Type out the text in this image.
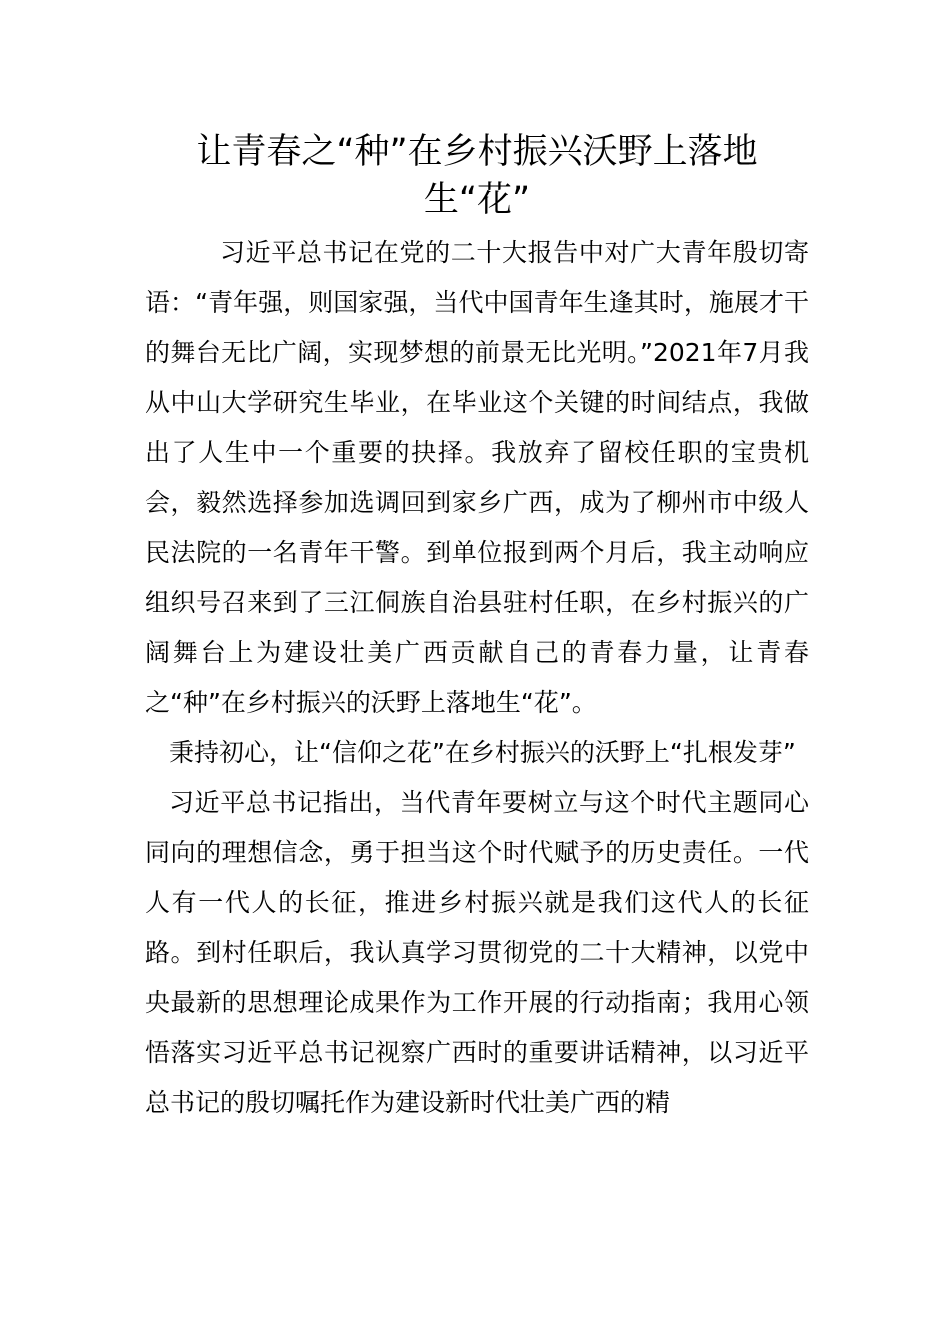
让青春之“种”在乡村振兴沃野上落地生“花”

习近平总书记在党的二十大报告中对广大青年殷切寄语：“青年强，则国家强，当代中国青年生逢其时，施展才干的舞台无比广阔，实现梦想的前景无比光明。”2021年7月我从中山大学研究生毕业，在毕业这个关键的时间结点，我做出了人生中一个重要的抉择。我放弃了留校任职的宝贵机会，毅然选择参加选调回到家乡广西，成为了柳州市中级人民法院的一名青年干警。到单位报到两个月后，我主动响应组织号召来到了三江侗族自治县驻村任职，在乡村振兴的广阔舞台上为建设壮美广西贡献自己的青春力量，让青春之“种”在乡村振兴的沃野上落地生“花”。

秉持初心，让“信仰之花”在乡村振兴的沃野上“扎根发芽”

习近平总书记指出，当代青年要树立与这个时代主题同心同向的理想信念，勇于担当这个时代赋予的历史责任。一代人有一代人的长征，推进乡村振兴就是我们这代人的长征路。到村任职后，我认真学习贯彻党的二十大精神，以党中央最新的思想理论成果作为工作开展的行动指南；我用心领悟落实习近平总书记视察广西时的重要讲话精神，以习近平总书记的殷切嘱托作为建设新时代壮美广西的精
